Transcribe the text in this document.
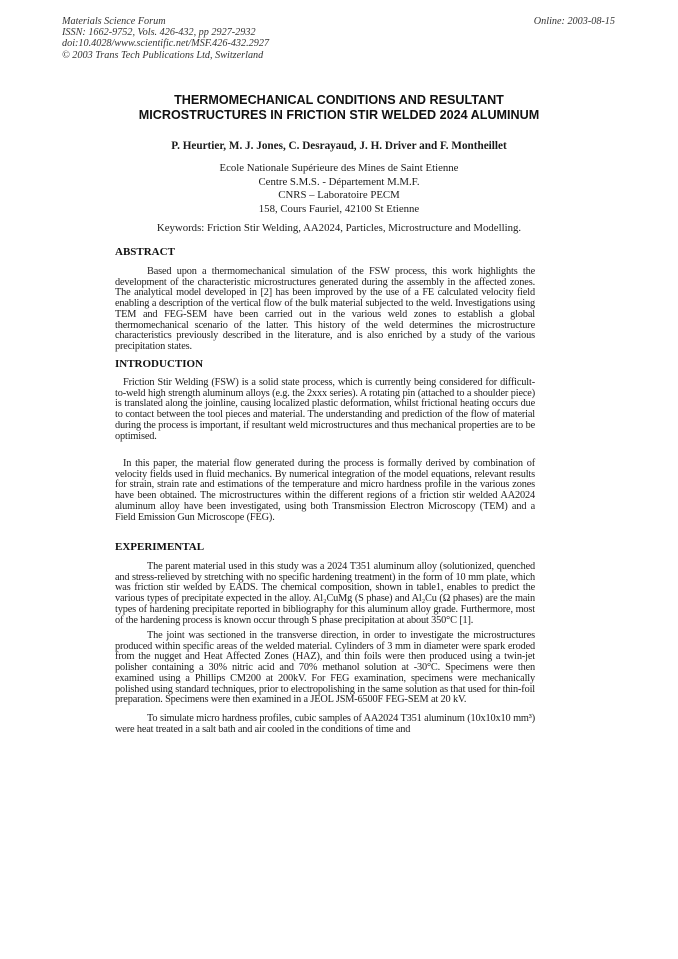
Materials Science Forum
ISSN: 1662-9752, Vols. 426-432, pp 2927-2932
doi:10.4028/www.scientific.net/MSF.426-432.2927
© 2003 Trans Tech Publications Ltd, Switzerland
Online: 2003-08-15
THERMOMECHANICAL CONDITIONS AND RESULTANT
MICROSTRUCTURES IN FRICTION STIR WELDED 2024 ALUMINUM
P. Heurtier, M. J. Jones, C. Desrayaud, J. H. Driver and F. Montheillet
Ecole Nationale Supérieure des Mines de Saint Etienne
Centre S.M.S. - Département M.M.F.
CNRS – Laboratoire PECM
158, Cours Fauriel, 42100 St Etienne
Keywords: Friction Stir Welding, AA2024, Particles, Microstructure and Modelling.
ABSTRACT
Based upon a thermomechanical simulation of the FSW process, this work highlights the development of the characteristic microstructures generated during the assembly in the affected zones. The analytical model developed in [2] has been improved by the use of a FE calculated velocity field enabling a description of the vertical flow of the bulk material subjected to the weld. Investigations using TEM and FEG-SEM have been carried out in the various weld zones to establish a global thermomechanical scenario of the latter. This history of the weld determines the microstructure characteristics previously described in the literature, and is also enriched by a study of the various precipitation states.
INTRODUCTION
Friction Stir Welding (FSW) is a solid state process, which is currently being considered for difficult-to-weld high strength aluminum alloys (e.g. the 2xxx series). A rotating pin (attached to a shoulder piece) is translated along the joinline, causing localized plastic deformation, whilst frictional heating occurs due to contact between the tool pieces and material. The understanding and prediction of the flow of material during the process is important, if resultant weld microstructures and thus mechanical properties are to be optimised.
In this paper, the material flow generated during the process is formally derived by combination of velocity fields used in fluid mechanics. By numerical integration of the model equations, relevant results for strain, strain rate and estimations of the temperature and micro hardness profile in the various zones have been obtained. The microstructures within the different regions of a friction stir welded AA2024 aluminum alloy have been investigated, using both Transmission Electron Microscopy (TEM) and a Field Emission Gun Microscope (FEG).
EXPERIMENTAL
The parent material used in this study was a 2024 T351 aluminum alloy (solutionized, quenched and stress-relieved by stretching with no specific hardening treatment) in the form of 10 mm plate, which was friction stir welded by EADS. The chemical composition, shown in table1, enables to predict the various types of precipitate expected in the alloy. Al₂CuMg (S phase) and Al₂Cu (Ω phases) are the main types of hardening precipitate reported in bibliography for this aluminum alloy grade. Furthermore, most of the hardening process is known occur through S phase precipitation at about 350°C [1].
The joint was sectioned in the transverse direction, in order to investigate the microstructures produced within specific areas of the welded material. Cylinders of 3 mm in diameter were spark eroded from the nugget and Heat Affected Zones (HAZ), and thin foils were then produced using a twin-jet polisher containing a 30% nitric acid and 70% methanol solution at -30°C. Specimens were then examined using a Phillips CM200 at 200kV. For FEG examination, specimens were mechanically polished using standard techniques, prior to electropolishing in the same solution as that used for thin-foil preparation. Specimens were then examined in a JEOL JSM-6500F FEG-SEM at 20 kV.
To simulate micro hardness profiles, cubic samples of AA2024 T351 aluminum (10x10x10 mm³) were heat treated in a salt bath and air cooled in the conditions of time and
